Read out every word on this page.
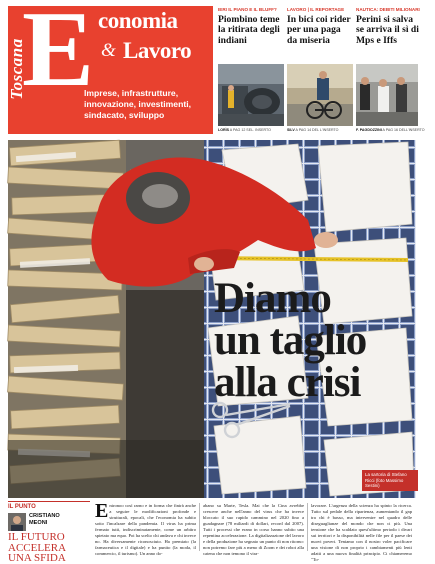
Toscana
E conomia
& Lavoro
Imprese, infrastrutture, innovazione, investimenti, sindacato, sviluppo
IERI IL PIANO E IL BLUFF?
Piombino teme la ritirata degli indiani
LORÌS A PAG 12 SEL. INSERTO
LAVORO | IL REPORTAGE
In bici coi rider per una paga da miseria
SILV A PAG 14 DEL L'INSERTO
NAUTICA: DEBITI MILIONARI
Perini si salva se arriva il sì di Mps e Iffs
F. PAGDOZZINI A PAG 16 DELL'INSERTO
Diamo
un taglio
alla crisi
La sartoria di Stefano Ricci (foto Massimo Sestini)
IL PUNTO
CRISTIANO
MEONI
IL FUTURO ACCELERA UNA SFIDA
Entronoo così rarno e in forma che finirà anche a seguire le modificazioni profonde e strutturali, epocali, che l'economia ha subito sotto l'incalzare della pandemia. Il virus ha prima fermato tutti, indiscriminatamente, come un arbitro spietato ma equo. Poi ha scelto chi andava e chi invece no. Ha diversamente riconosciuto. Ha premiato (la farmaceutica e il digitale) e ha punito (la moda, il commercio, il turismo). Un anno do-
abano su Marte, Tesla. Mai che la Cina avrebbe crescere anche nell'anno del virus che ha invece bloccato il suo rapido cammino nel 2020 fino a guadagnare (78 miliardi di dollari, record dal 2007). Tutti i processi che erano in corso hanno subito una repentina accelerazione. La digitalizzazione del lavoro e della produzione ha segnato un punto di non ritorno: non potremo fare più a meno di Zoom e dei robot alla catena che non temono il vira-
lavorare. L'urgenza della scienza ha spinto la ricerca. Tutto sul pedale della ripartenza, aumentando il gap tra chi è basso, ma intervenire nel quadro delle diseguaglianze del mondo che non ci più. Una tensione che ha scaldato quest'ultimo periodo i divari sui territori e la disponibilità nelle file per il paese dei nuovi poveri. Teniamo con il nostro voler pacificare una visione di non proprio i cambiamenti più lenti adatti a una nuova finalità principio. Ci chiameremo "To-
